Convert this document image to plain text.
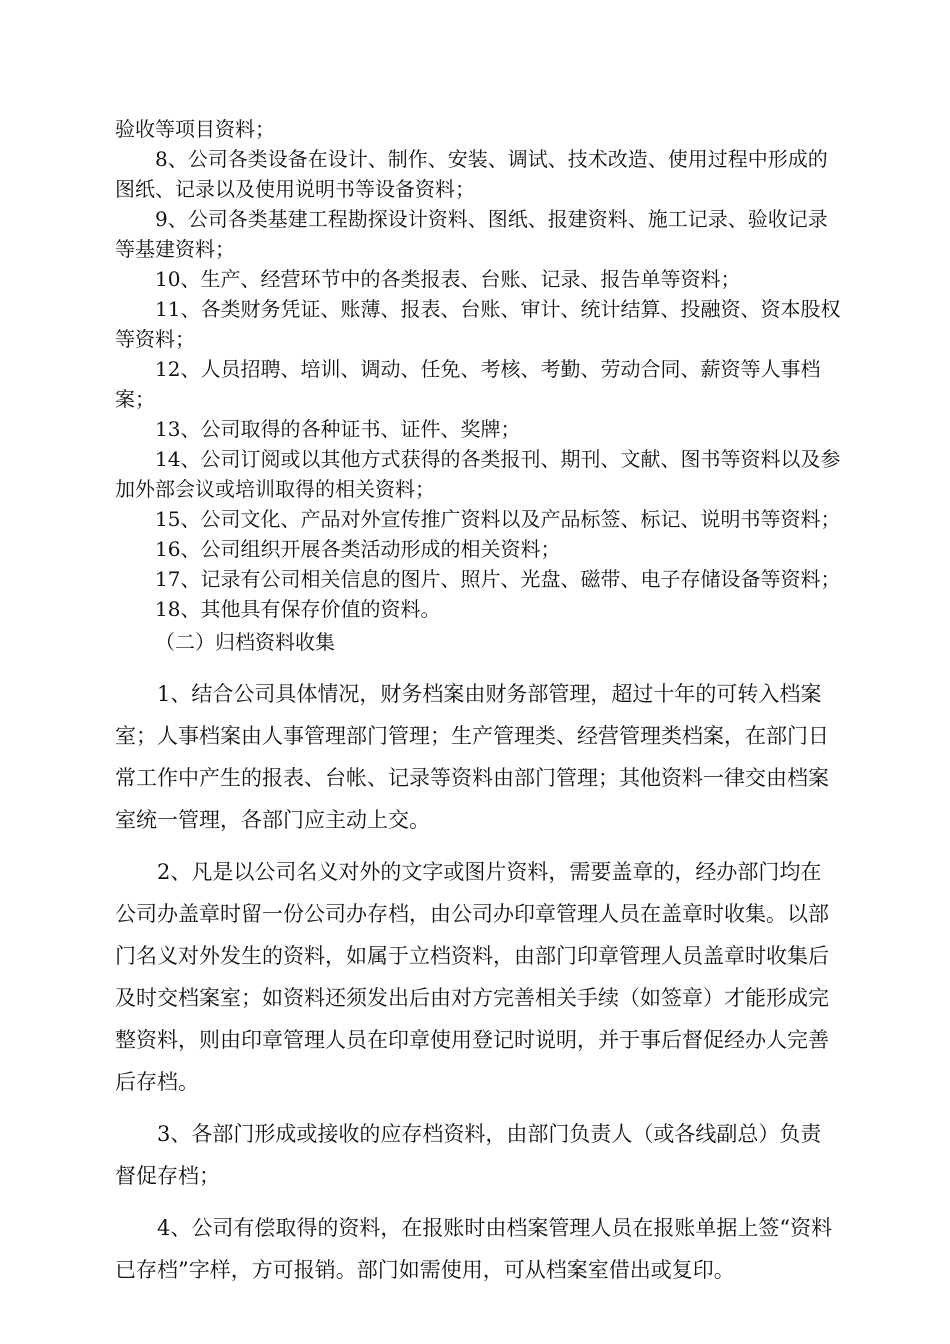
验收等项目资料；

8、公司各类设备在设计、制作、安装、调试、技术改造、使用过程中形成的图纸、记录以及使用说明书等设备资料；

9、公司各类基建工程勘探设计资料、图纸、报建资料、施工记录、验收记录等基建资料；

10、生产、经营环节中的各类报表、台账、记录、报告单等资料；

11、各类财务凭证、账薄、报表、台账、审计、统计结算、投融资、资本股权等资料；

12、人员招聘、培训、调动、任免、考核、考勤、劳动合同、薪资等人事档案；

13、公司取得的各种证书、证件、奖牌；

14、公司订阅或以其他方式获得的各类报刊、期刊、文献、图书等资料以及参加外部会议或培训取得的相关资料；

15、公司文化、产品对外宣传推广资料以及产品标签、标记、说明书等资料；

16、公司组织开展各类活动形成的相关资料；

17、记录有公司相关信息的图片、照片、光盘、磁带、电子存储设备等资料；

18、其他具有保存价值的资料。

（二）归档资料收集

1、结合公司具体情况，财务档案由财务部管理，超过十年的可转入档案室；人事档案由人事管理部门管理；生产管理类、经营管理类档案，在部门日常工作中产生的报表、台帐、记录等资料由部门管理；其他资料一律交由档案室统一管理，各部门应主动上交。

2、凡是以公司名义对外的文字或图片资料，需要盖章的，经办部门均在公司办盖章时留一份公司办存档，由公司办印章管理人员在盖章时收集。以部门名义对外发生的资料，如属于立档资料，由部门印章管理人员盖章时收集后及时交档案室；如资料还须发出后由对方完善相关手续（如签章）才能形成完整资料，则由印章管理人员在印章使用登记时说明，并于事后督促经办人完善后存档。

3、各部门形成或接收的应存档资料，由部门负责人（或各线副总）负责督促存档；

4、公司有偿取得的资料，在报账时由档案管理人员在报账单据上签“资料已存档”字样，方可报销。部门如需使用，可从档案室借出或复印。
